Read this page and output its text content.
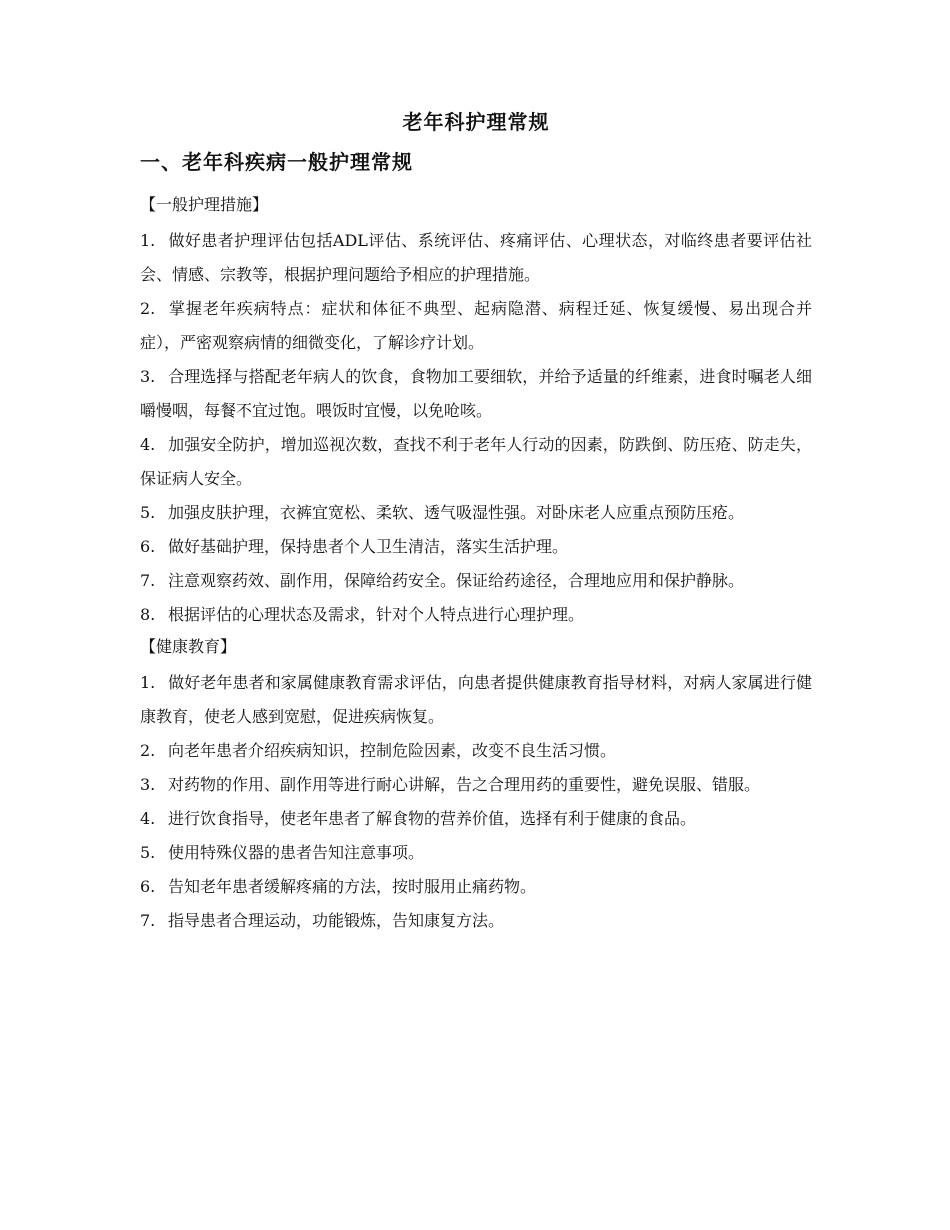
老年科护理常规
一、老年科疾病一般护理常规
【一般护理措施】

1. 做好患者护理评估包括ADL评估、系统评估、疼痛评估、心理状态，对临终患者要评估社会、情感、宗教等，根据护理问题给予相应的护理措施。

2. 掌握老年疾病特点：症状和体征不典型、起病隐潜、病程迁延、恢复缓慢、易出现合并症），严密观察病情的细微变化，了解诊疗计划。

3. 合理选择与搭配老年病人的饮食，食物加工要细软，并给予适量的纤维素，进食时嘱老人细嚼慢咽，每餐不宜过饱。喂饭时宜慢，以免呛咳。

4. 加强安全防护，增加巡视次数，查找不利于老年人行动的因素，防跌倒、防压疮、防走失，保证病人安全。

5. 加强皮肤护理，衣裤宜宽松、柔软、透气吸湿性强。对卧床老人应重点预防压疮。

6. 做好基础护理，保持患者个人卫生清洁，落实生活护理。

7. 注意观察药效、副作用，保障给药安全。保证给药途径，合理地应用和保护静脉。

8. 根据评估的心理状态及需求，针对个人特点进行心理护理。

【健康教育】

1. 做好老年患者和家属健康教育需求评估，向患者提供健康教育指导材料，对病人家属进行健康教育，使老人感到宽慰，促进疾病恢复。

2. 向老年患者介绍疾病知识，控制危险因素，改变不良生活习惯。

3. 对药物的作用、副作用等进行耐心讲解，告之合理用药的重要性，避免误服、错服。

4. 进行饮食指导，使老年患者了解食物的营养价值，选择有利于健康的食品。

5. 使用特殊仪器的患者告知注意事项。

6. 告知老年患者缓解疼痛的方法，按时服用止痛药物。

7. 指导患者合理运动，功能锻炼，告知康复方法。
